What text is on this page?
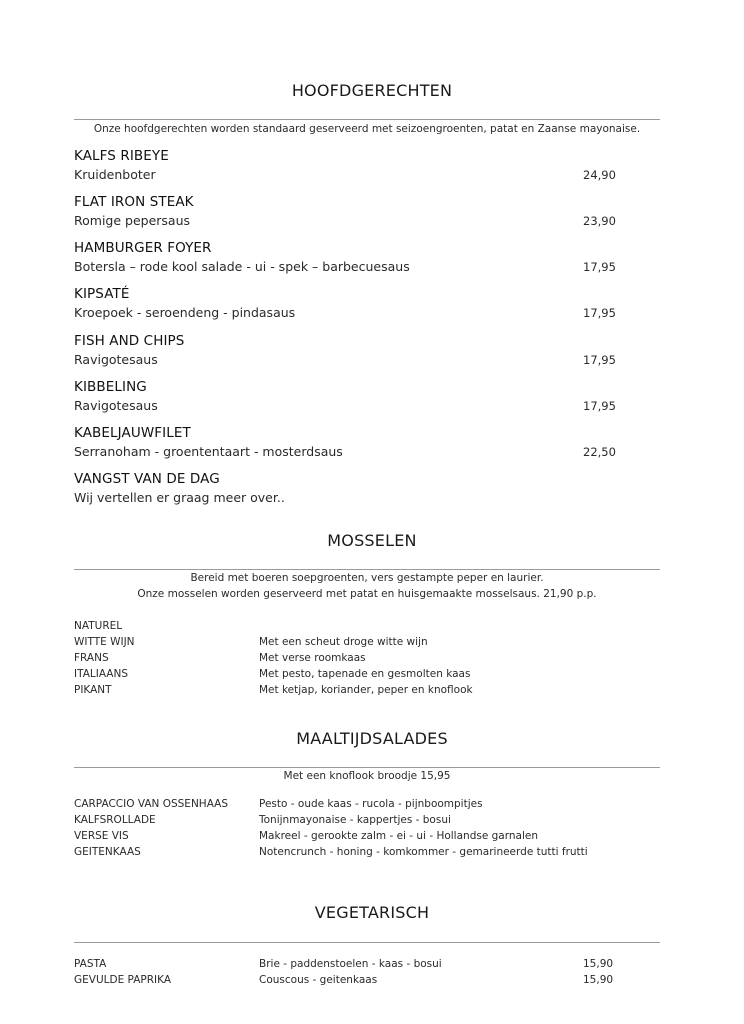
HOOFDGERECHTEN
Onze hoofdgerechten worden standaard geserveerd met seizoengroenten, patat en Zaanse mayonaise.
KALFS RIBEYE
Kruidenboter	24,90
FLAT IRON STEAK
Romige pepersaus	23,90
HAMBURGER FOYER
Botersla – rode kool salade - ui - spek – barbecuesaus	17,95
KIPSATÉ
Kroepoek - seroendeng - pindasaus	17,95
FISH AND CHIPS
Ravigotesaus	17,95
KIBBELING
Ravigotesaus	17,95
KABELJAUWFILET
Serranoham - groententaart - mosterdsaus	22,50
VANGST VAN DE DAG
Wij vertellen er graag meer over..
MOSSELEN
Bereid met boeren soepgroenten, vers gestampte peper en laurier.
Onze mosselen worden geserveerd met patat en huisgemaakte mosselsaus. 21,90 p.p.
NATUREL
WITTE WIJN	Met een scheut droge witte wijn
FRANS	Met verse roomkaas
ITALIAANS	Met pesto, tapenade en gesmolten kaas
PIKANT	Met ketjap, koriander, peper en knoflook
MAALTIJDSALADES
Met een knoflook broodje 15,95
CARPACCIO VAN OSSENHAAS	Pesto - oude kaas - rucola - pijnboompitjes
KALFSROLLADE	Tonijnmayonaise - kappertjes - bosui
VERSE VIS	Makreel - gerookte zalm - ei - ui - Hollandse garnalen
GEITENKAAS	Notencrunch - honing - komkommer - gemarineerde tutti frutti
VEGETARISCH
PASTA	Brie - paddenstoelen - kaas - bosui	15,90
GEVULDE PAPRIKA	Couscous - geitenkaas	15,90
